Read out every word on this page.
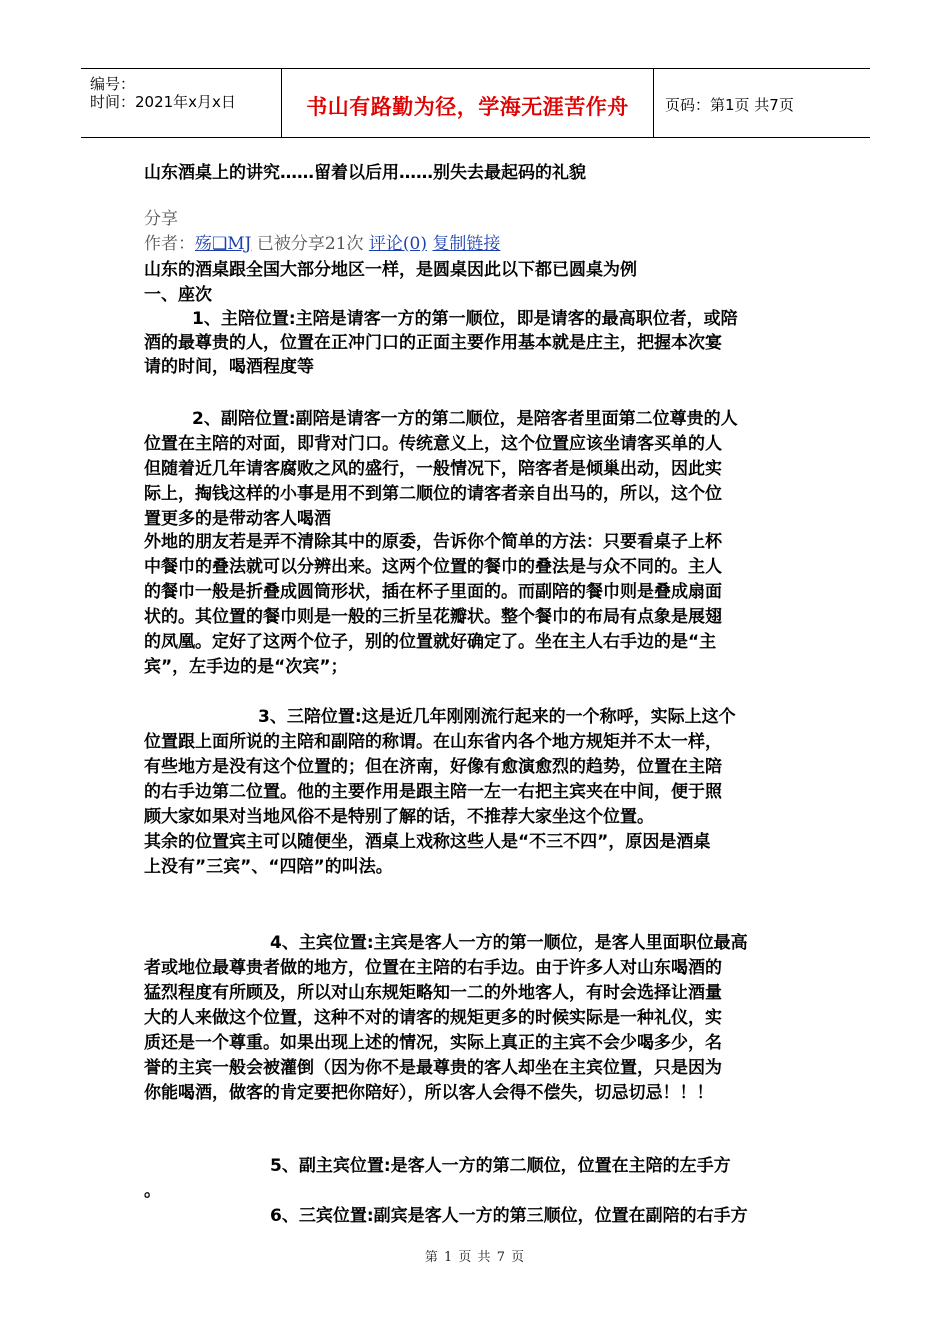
编号：
时间：2021年x月x日	书山有路勤为径，学海无涯苦作舟	页码：第1页 共7页
山东酒桌上的讲究……留着以后用……别失去最起码的礼貌
分享
作者：殇❑MJ 已被分享21次 评论(0) 复制链接
山东的酒桌跟全国大部分地区一样，是圆桌因此以下都已圆桌为例
一、座次
1、主陪位置:主陪是请客一方的第一顺位，即是请客的最高职位者，或陪
酒的最尊贵的人，位置在正冲门口的正面主要作用基本就是庄主，把握本次宴
请的时间，喝酒程度等
2、副陪位置:副陪是请客一方的第二顺位，是陪客者里面第二位尊贵的人
位置在主陪的对面，即背对门口。传统意义上，这个位置应该坐请客买单的人
但随着近几年请客腐败之风的盛行，一般情况下，陪客者是倾巢出动，因此实
际上，掏钱这样的小事是用不到第二顺位的请客者亲自出马的，所以，这个位
置更多的是带动客人喝酒
外地的朋友若是弄不清除其中的原委，告诉你个简单的方法：只要看桌子上杯
中餐巾的叠法就可以分辨出来。这两个位置的餐巾的叠法是与众不同的。主人
的餐巾一般是折叠成圆筒形状，插在杯子里面的。而副陪的餐巾则是叠成扇面
状的。其位置的餐巾则是一般的三折呈花瓣状。整个餐巾的布局有点象是展翅
的凤凰。定好了这两个位子，别的位置就好确定了。坐在主人右手边的是“主
宾”，左手边的是“次宾”；
3、三陪位置:这是近几年刚刚流行起来的一个称呼，实际上这个
位置跟上面所说的主陪和副陪的称谓。在山东省内各个地方规矩并不太一样，
有些地方是没有这个位置的；但在济南，好像有愈演愈烈的趋势，位置在主陪
的右手边第二位置。他的主要作用是跟主陪一左一右把主宾夹在中间，便于照
顾大家如果对当地风俗不是特别了解的话，不推荐大家坐这个位置。
其余的位置宾主可以随便坐，酒桌上戏称这些人是“不三不四”，原因是酒桌
上没有”三宾”、“四陪”的叫法。
4、主宾位置:主宾是客人一方的第一顺位，是客人里面职位最高
者或地位最尊贵者做的地方，位置在主陪的右手边。由于许多人对山东喝酒的
猛烈程度有所顾及，所以对山东规矩略知一二的外地客人，有时会选择让酒量
大的人来做这个位置，这种不对的请客的规矩更多的时候实际是一种礼仪，实
质还是一个尊重。如果出现上述的情况，实际上真正的主宾不会少喝多少，名
誉的主宾一般会被灌倒（因为你不是最尊贵的客人却坐在主宾位置，只是因为
你能喝酒，做客的肯定要把你陪好），所以客人会得不偿失，切忌切忌！！！
5、副主宾位置:是客人一方的第二顺位，位置在主陪的左手方
。
6、三宾位置:副宾是客人一方的第三顺位，位置在副陪的右手方
第 1 页 共 7 页
